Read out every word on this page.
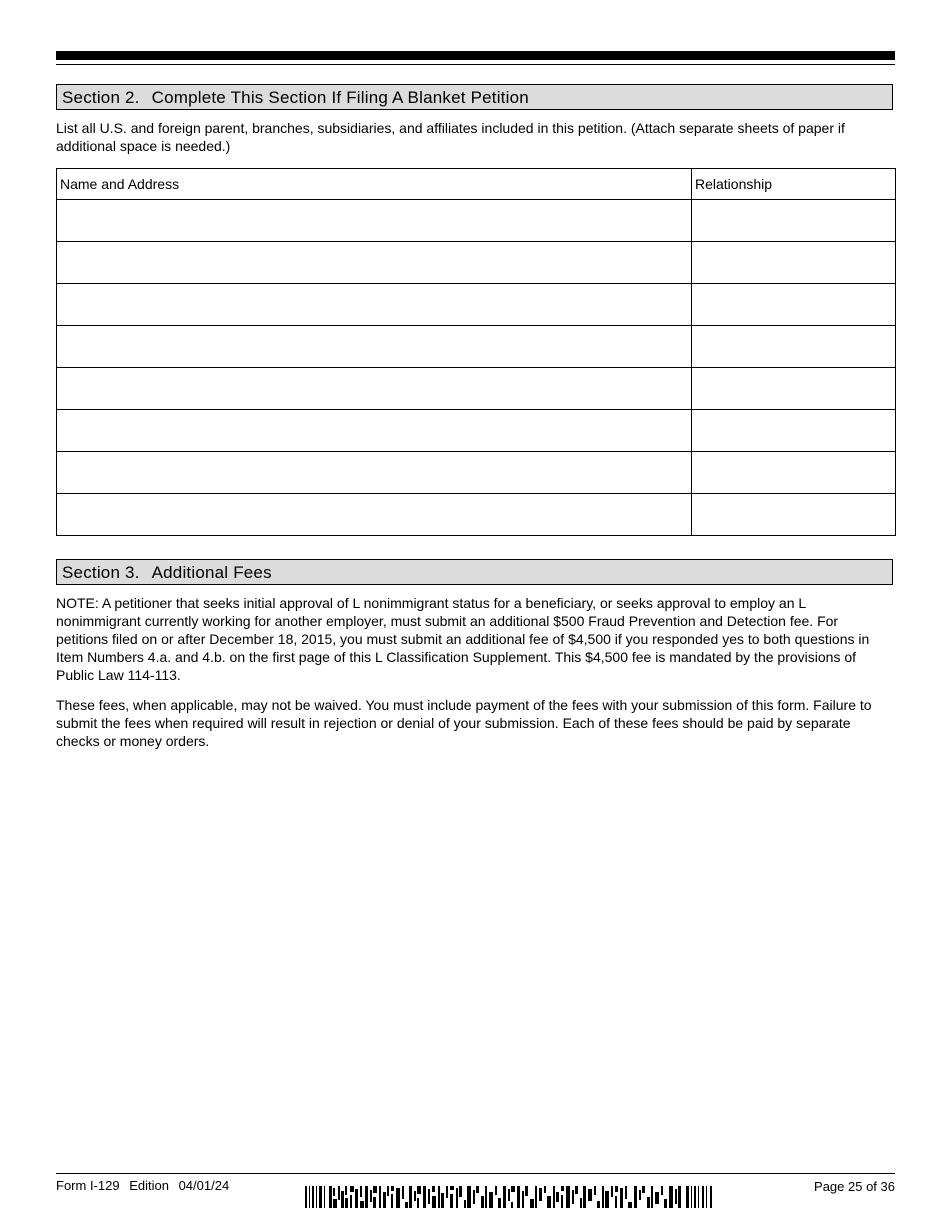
Section 2. Complete This Section If Filing A Blanket Petition
List all U.S. and foreign parent, branches, subsidiaries, and affiliates included in this petition. (Attach separate sheets of paper if additional space is needed.)
Name and Address	Relationship

Section 3. Additional Fees
NOTE: A petitioner that seeks initial approval of L nonimmigrant status for a beneficiary, or seeks approval to employ an L nonimmigrant currently working for another employer, must submit an additional $500 Fraud Prevention and Detection fee. For petitions filed on or after December 18, 2015, you must submit an additional fee of $4,500 if you responded yes to both questions in Item Numbers 4.a. and 4.b. on the first page of this L Classification Supplement. This $4,500 fee is mandated by the provisions of Public Law 114-113.
These fees, when applicable, may not be waived. You must include payment of the fees with your submission of this form. Failure to submit the fees when required will result in rejection or denial of your submission. Each of these fees should be paid by separate checks or money orders.
Form I-129 Edition 04/01/24	Page 25 of 36
